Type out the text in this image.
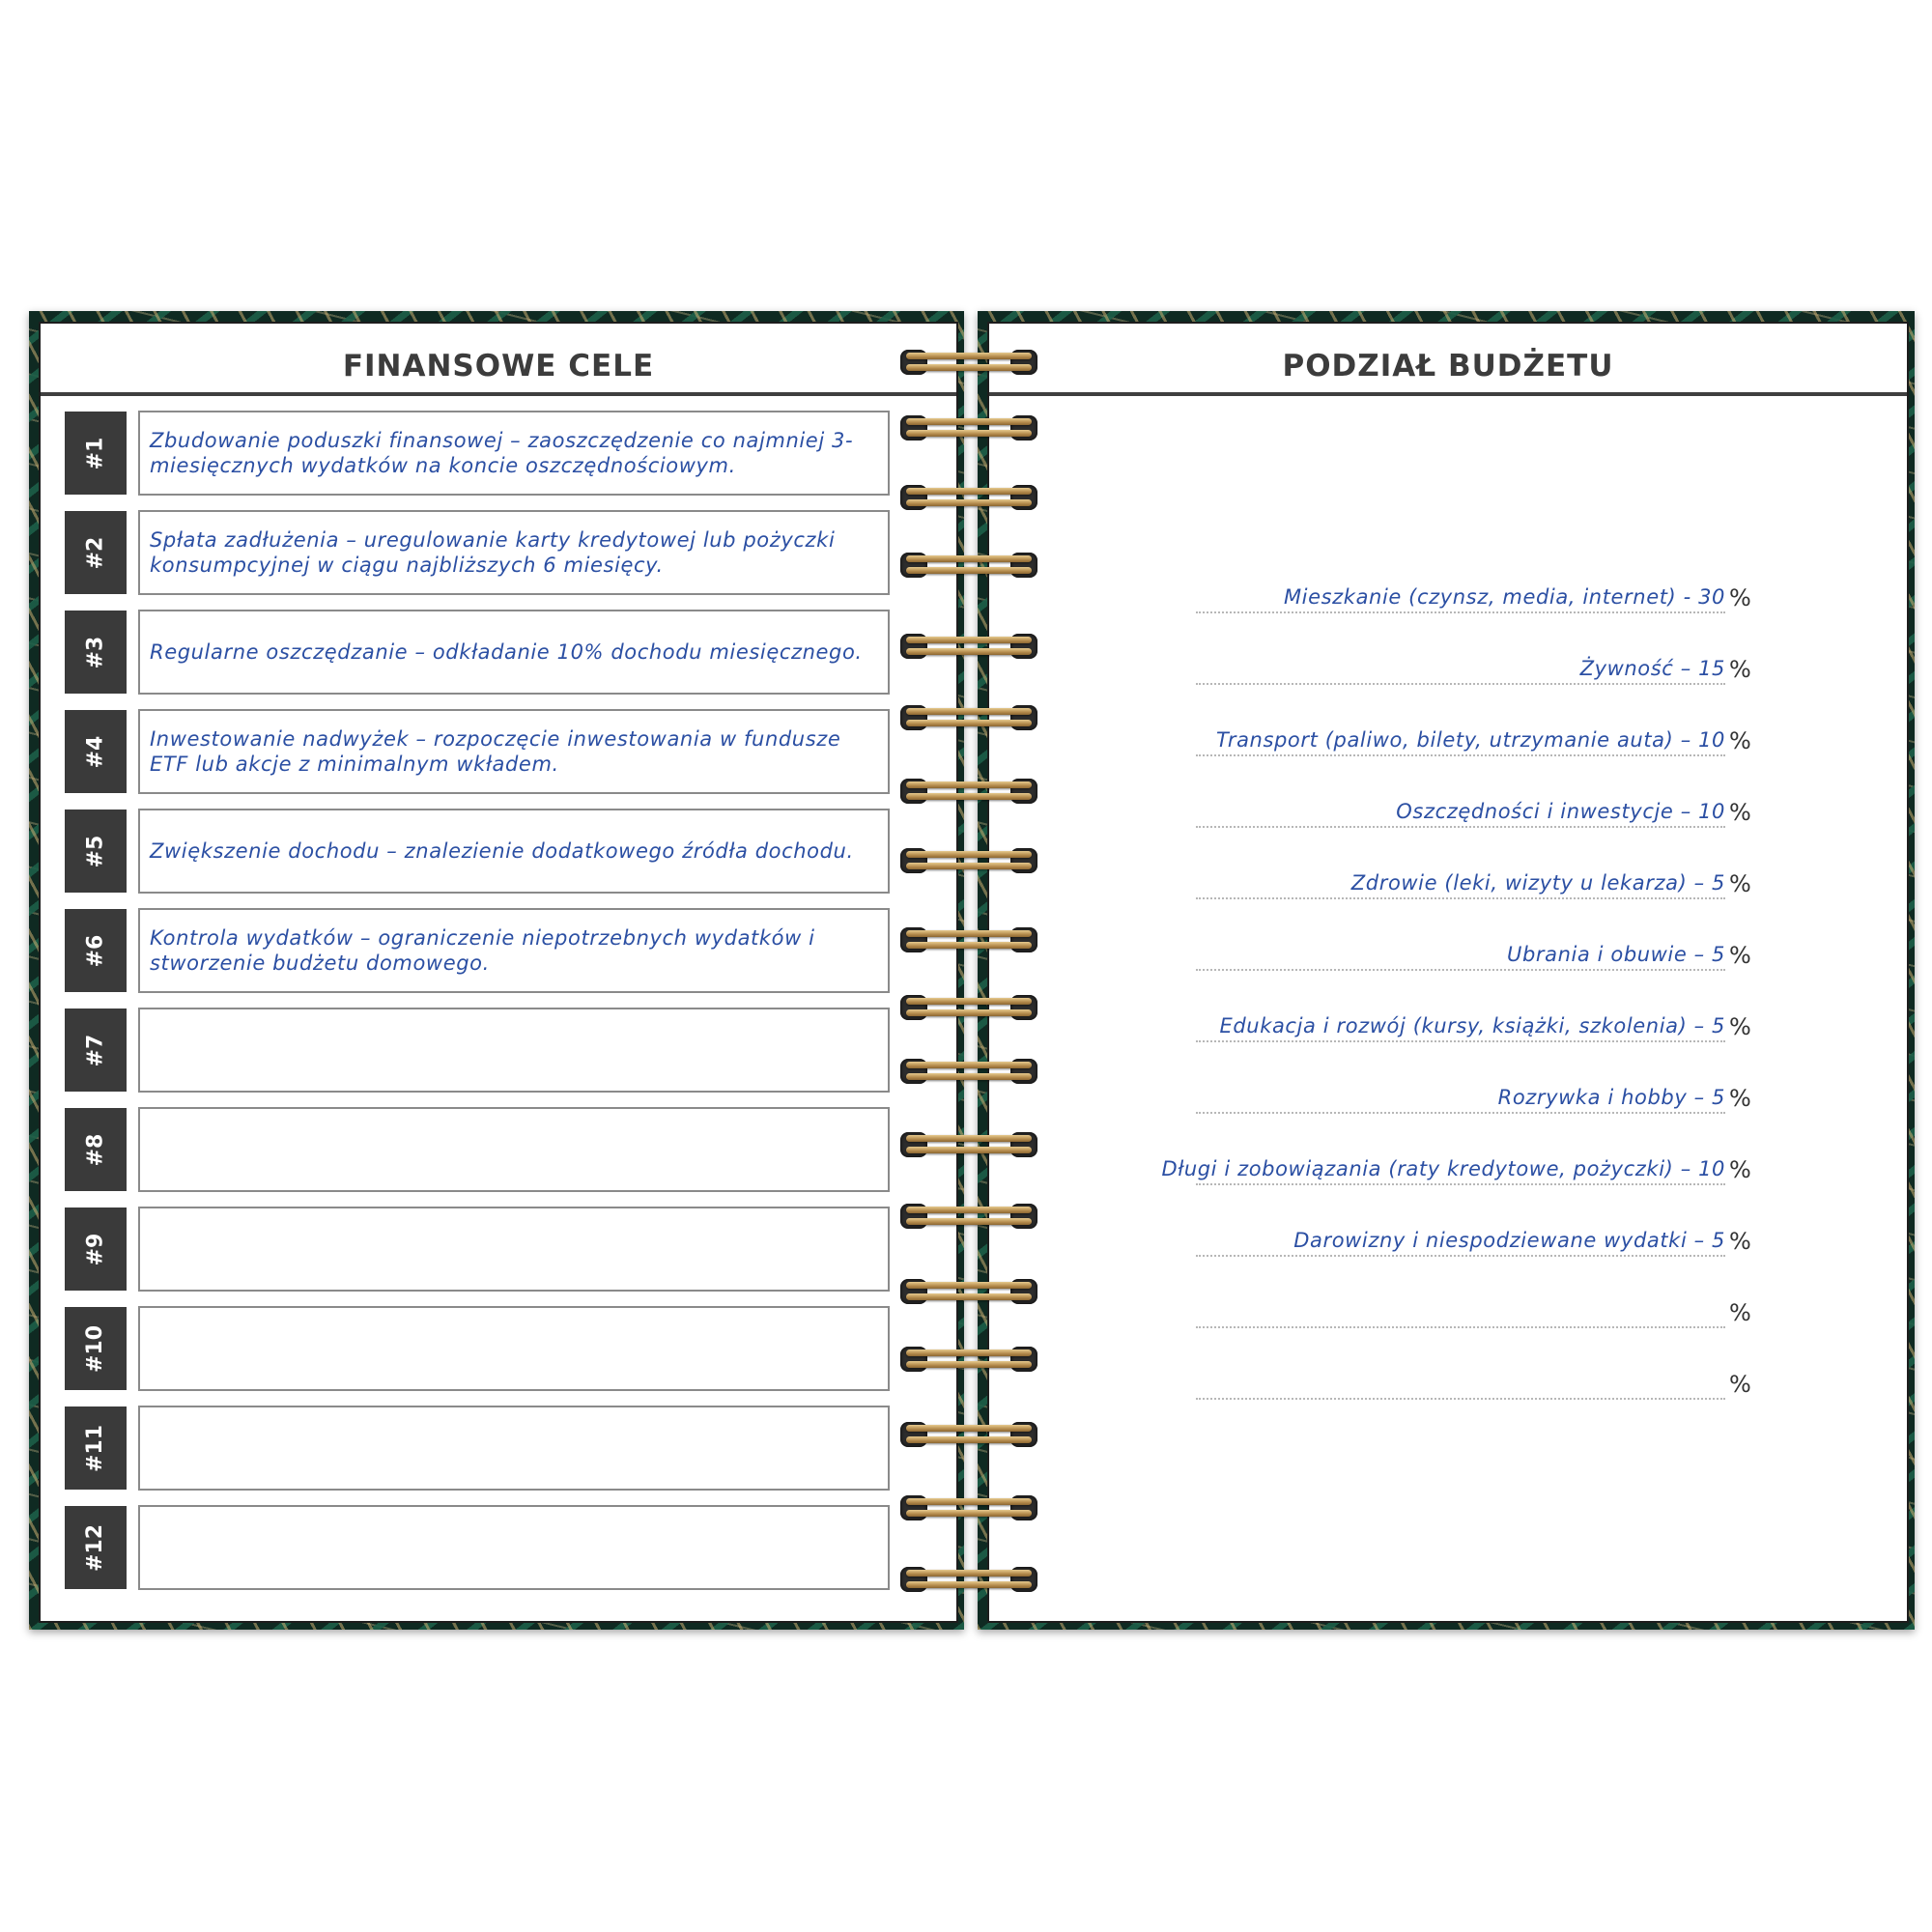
FINANSOWE CELE
#1 Zbudowanie poduszki finansowej – zaoszczędzenie co najmniej 3-miesięcznych wydatków na koncie oszczędnościowym.
#2 Spłata zadłużenia – uregulowanie karty kredytowej lub pożyczki konsumpcyjnej w ciągu najbliższych 6 miesięcy.
#3 Regularne oszczędzanie – odkładanie 10% dochodu miesięcznego.
#4 Inwestowanie nadwyżek – rozpoczęcie inwestowania w fundusze ETF lub akcje z minimalnym wkładem.
#5 Zwiększenie dochodu – znalezienie dodatkowego źródła dochodu.
#6 Kontrola wydatków – ograniczenie niepotrzebnych wydatków i stworzenie budżetu domowego.
#7
#8
#9
#10
#11
#12
PODZIAŁ BUDŻETU
Mieszkanie (czynsz, media, internet) - 30 %
Żywność – 15 %
Transport (paliwo, bilety, utrzymanie auta) – 10 %
Oszczędności i inwestycje – 10 %
Zdrowie (leki, wizyty u lekarza) – 5 %
Ubrania i obuwie – 5 %
Edukacja i rozwój (kursy, książki, szkolenia) – 5 %
Rozrywka i hobby – 5 %
Długi i zobowiązania (raty kredytowe, pożyczki) – 10 %
Darowizny i niespodziewane wydatki – 5 %
%
%
